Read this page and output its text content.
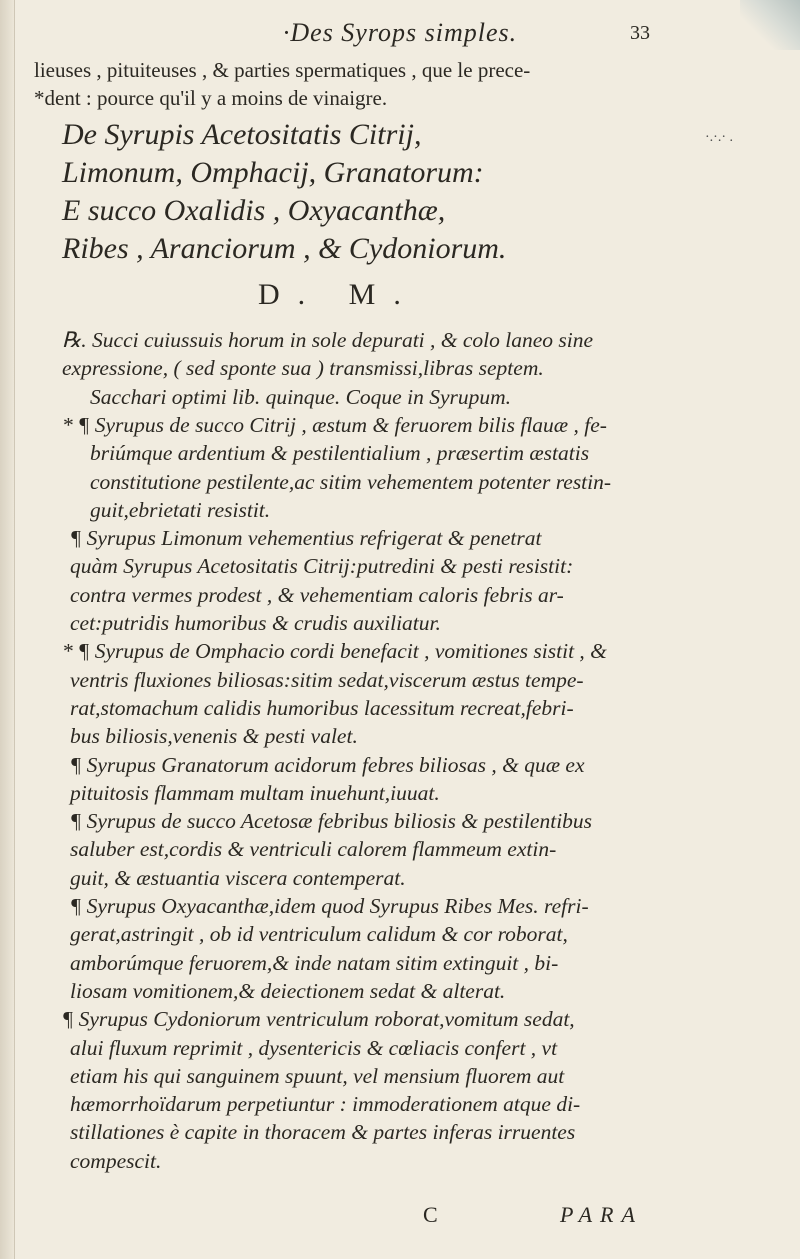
·.·.· .
·Des Syrops simples.	33
lieuses , pituiteuses , & parties spermatiques , que le prece-
*dent : pource qu'il y a moins de vinaigre.
De Syrupis Acetositatis Citrij,
Limonum, Omphacij, Granatorum:
E succo Oxalidis , Oxyacanthæ,
Ribes , Aranciorum , & Cydoniorum.
D. M.
℞. Succi cuiussuis horum in sole depurati , & colo laneo sine
expressione, ( sed sponte sua ) transmissi,libras septem.
Sacchari optimi lib. quinque. Coque in Syrupum.
* ¶ Syrupus de succo Citrij , æstum & feruorem bilis flauæ , fe-
briúmque ardentium & pestilentialium , præsertim æstatis
constitutione pestilente,ac sitim vehementem potenter restin-
guit,ebrietati resistit.
¶ Syrupus Limonum vehementius refrigerat & penetrat
quàm Syrupus Acetositatis Citrij:putredini & pesti resistit:
contra vermes prodest , & vehementiam caloris febris ar-
cet:putridis humoribus & crudis auxiliatur.
* ¶ Syrupus de Omphacio cordi benefacit , vomitiones sistit , &
ventris fluxiones biliosas:sitim sedat,viscerum æstus tempe-
rat,stomachum calidis humoribus lacessitum recreat,febri-
bus biliosis,venenis & pesti valet.
¶ Syrupus Granatorum acidorum febres biliosas , & quæ ex
pituitosis flammam multam inuehunt,iuuat.
¶ Syrupus de succo Acetosæ febribus biliosis & pestilentibus
saluber est,cordis & ventriculi calorem flammeum extin-
guit, & æstuantia viscera contemperat.
¶ Syrupus Oxyacanthæ,idem quod Syrupus Ribes Mes. refri-
gerat,astringit , ob id ventriculum calidum & cor roborat,
amborúmque feruorem,& inde natam sitim extinguit , bi-
liosam vomitionem,& deiectionem sedat & alterat.
¶ Syrupus Cydoniorum ventriculum roborat,vomitum sedat,
alui fluxum reprimit , dysentericis & cœliacis confert , vt
etiam his qui sanguinem spuunt, vel mensium fluorem aut
hæmorrhoïdarum perpetiuntur : immoderationem atque di-
stillationes è capite in thoracem & partes inferas irruentes
compescit.
C	PARA
